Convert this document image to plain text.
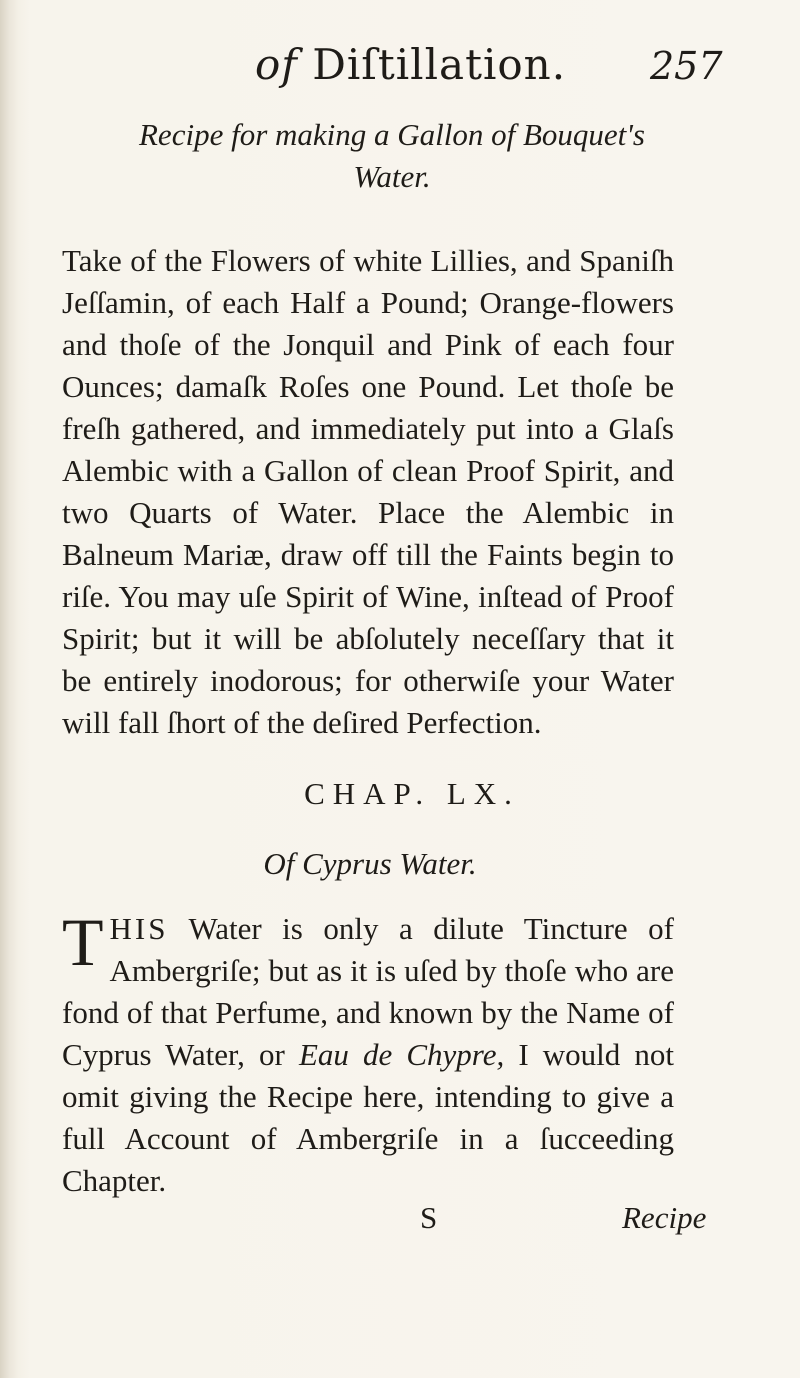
of Diſtillation. 257
Recipe for making a Gallon of Bouquet's
Water.
Take of the Flowers of white Lillies, and Spaniſh Jeſſamin, of each Half a Pound; Orange-flowers and thoſe of the Jonquil and Pink of each four Ounces; damaſk Roſes one Pound. Let thoſe be freſh gathered, and immediately put into a Glaſs Alembic with a Gallon of clean Proof Spirit, and two Quarts of Water. Place the Alembic in Balneum Mariæ, draw off till the Faints begin to riſe. You may uſe Spirit of Wine, inſtead of Proof Spirit; but it will be abſolutely neceſſary that it be entirely inodorous; for otherwiſe your Water will fall ſhort of the deſired Perfection.
CHAP. LX.
Of Cyprus Water.
THIS Water is only a dilute Tincture of Ambergriſe; but as it is uſed by thoſe who are fond of that Perfume, and known by the Name of Cyprus Water, or Eau de Chypre, I would not omit giving the Recipe here, intending to give a full Account of Ambergriſe in a ſucceeding Chapter.
S	Recipe
